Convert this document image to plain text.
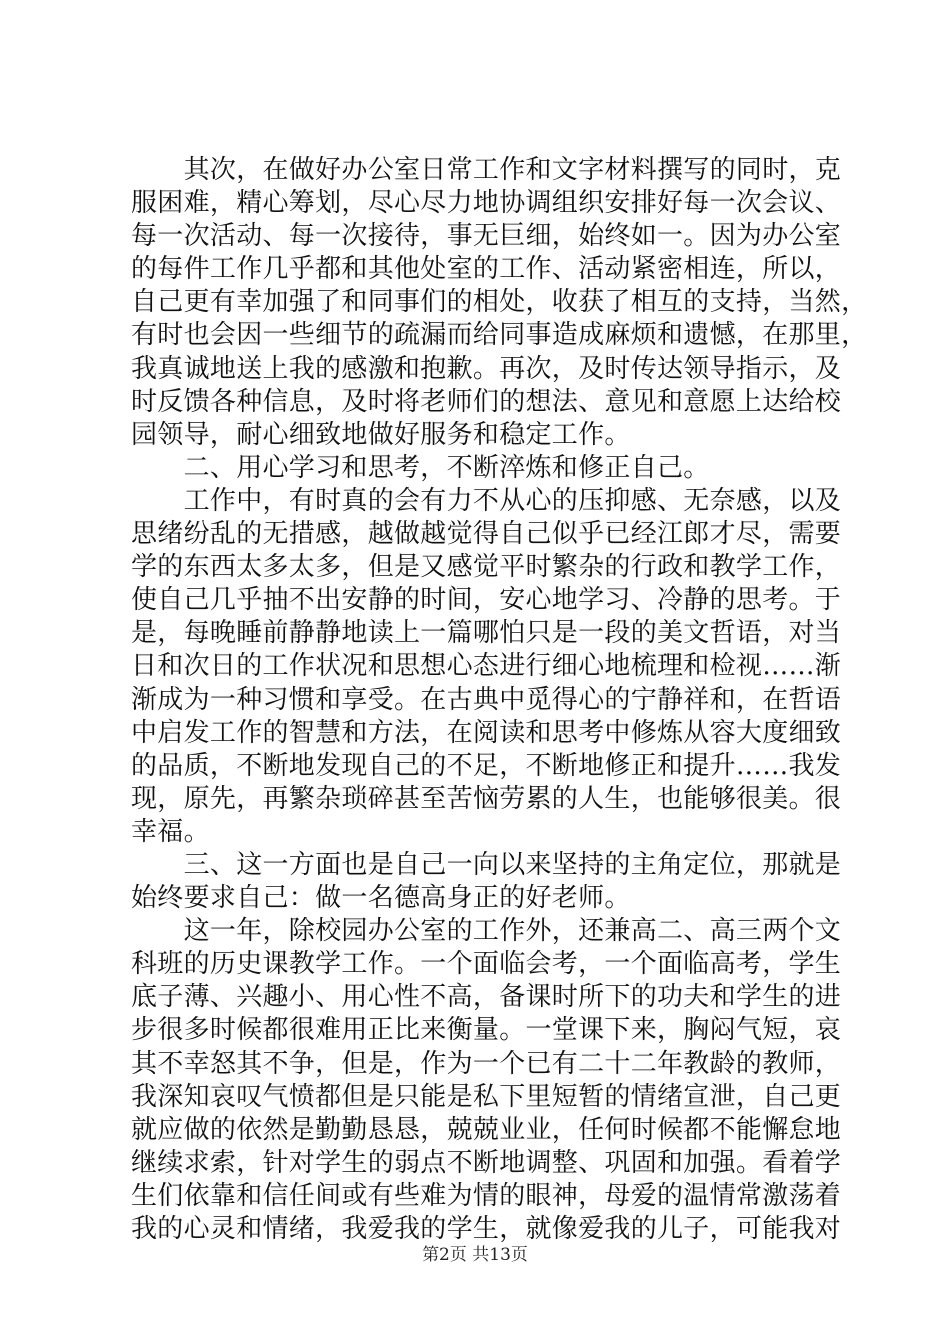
　　其次，在做好办公室日常工作和文字材料撰写的同时，克
服困难，精心筹划，尽心尽力地协调组织安排好每一次会议、
每一次活动、每一次接待，事无巨细，始终如一。因为办公室
的每件工作几乎都和其他处室的工作、活动紧密相连，所以，
自己更有幸加强了和同事们的相处，收获了相互的支持，当然，
有时也会因一些细节的疏漏而给同事造成麻烦和遗憾，在那里，
我真诚地送上我的感激和抱歉。再次，及时传达领导指示，及
时反馈各种信息，及时将老师们的想法、意见和意愿上达给校
园领导，耐心细致地做好服务和稳定工作。
　　二、用心学习和思考，不断淬炼和修正自己。
　　工作中，有时真的会有力不从心的压抑感、无奈感，以及
思绪纷乱的无措感，越做越觉得自己似乎已经江郎才尽，需要
学的东西太多太多，但是又感觉平时繁杂的行政和教学工作，
使自己几乎抽不出安静的时间，安心地学习、冷静的思考。于
是，每晚睡前静静地读上一篇哪怕只是一段的美文哲语，对当
日和次日的工作状况和思想心态进行细心地梳理和检视……渐
渐成为一种习惯和享受。在古典中觅得心的宁静祥和，在哲语
中启发工作的智慧和方法，在阅读和思考中修炼从容大度细致
的品质，不断地发现自己的不足，不断地修正和提升……我发
现，原先，再繁杂琐碎甚至苦恼劳累的人生，也能够很美。很
幸福。
　　三、这一方面也是自己一向以来坚持的主角定位，那就是
始终要求自己：做一名德高身正的好老师。
　　这一年，除校园办公室的工作外，还兼高二、高三两个文
科班的历史课教学工作。一个面临会考，一个面临高考，学生
底子薄、兴趣小、用心性不高，备课时所下的功夫和学生的进
步很多时候都很难用正比来衡量。一堂课下来，胸闷气短，哀
其不幸怒其不争，但是，作为一个已有二十二年教龄的教师，
我深知哀叹气愤都但是只能是私下里短暂的情绪宣泄，自己更
就应做的依然是勤勤恳恳，兢兢业业，任何时候都不能懈怠地
继续求索，针对学生的弱点不断地调整、巩固和加强。看着学
生们依靠和信任间或有些难为情的眼神，母爱的温情常激荡着
我的心灵和情绪，我爱我的学生，就像爱我的儿子，可能我对
第2页 共13页
